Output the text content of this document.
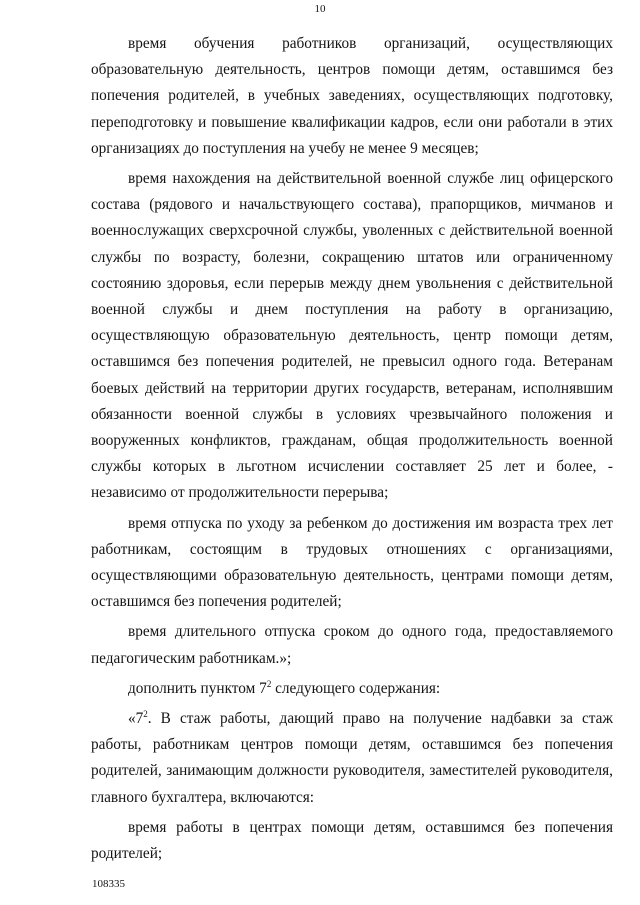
10

время обучения работников организаций, осуществляющих образовательную деятельность, центров помощи детям, оставшимся без попечения родителей, в учебных заведениях, осуществляющих подготовку, переподготовку и повышение квалификации кадров, если они работали в этих организациях до поступления на учебу не менее 9 месяцев;

время нахождения на действительной военной службе лиц офицерского состава (рядового и начальствующего состава), прапорщиков, мичманов и военнослужащих сверхсрочной службы, уволенных с действительной военной службы по возрасту, болезни, сокращению штатов или ограниченному состоянию здоровья, если перерыв между днем увольнения с действительной военной службы и днем поступления на работу в организацию, осуществляющую образовательную деятельность, центр помощи детям, оставшимся без попечения родителей, не превысил одного года. Ветеранам боевых действий на территории других государств, ветеранам, исполнявшим обязанности военной службы в условиях чрезвычайного положения и вооруженных конфликтов, гражданам, общая продолжительность военной службы которых в льготном исчислении составляет 25 лет и более, - независимо от продолжительности перерыва;

время отпуска по уходу за ребенком до достижения им возраста трех лет работникам, состоящим в трудовых отношениях с организациями, осуществляющими образовательную деятельность, центрами помощи детям, оставшимся без попечения родителей;

время длительного отпуска сроком до одного года, предоставляемого педагогическим работникам.»;

дополнить пунктом $7^2$ следующего содержания:

«$7^2$. В стаж работы, дающий право на получение надбавки за стаж работы, работникам центров помощи детям, оставшимся без попечения родителей, занимающим должности руководителя, заместителей руководителя, главного бухгалтера, включаются:

время работы в центрах помощи детям, оставшимся без попечения родителей;

108335
